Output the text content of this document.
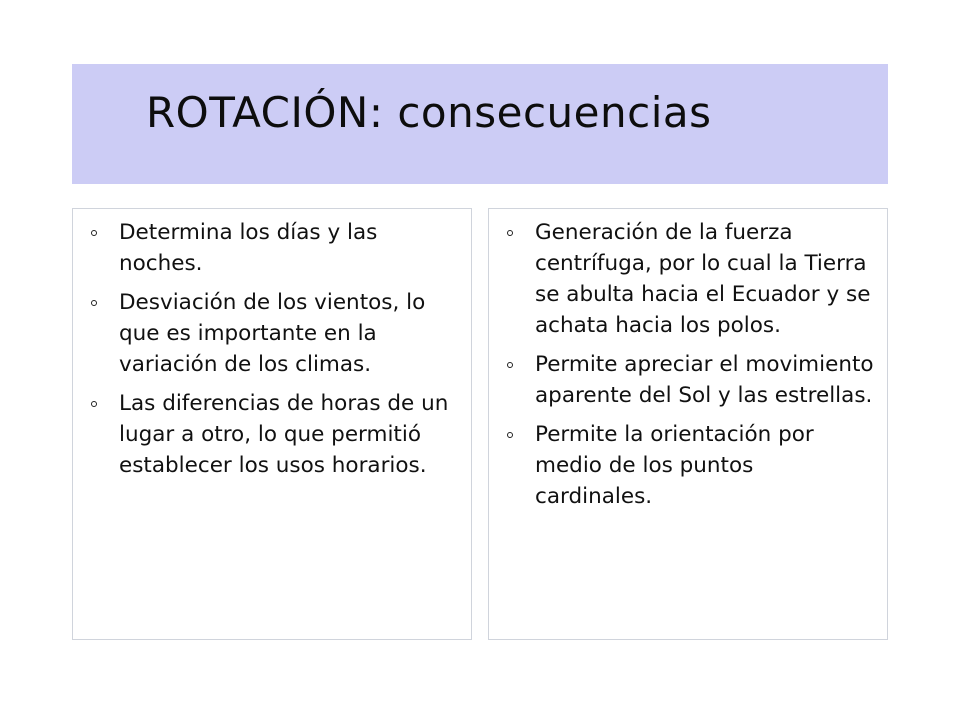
ROTACIÓN: consecuencias
Determina los días y las noches.
Desviación de los vientos, lo que es importante en la variación de los climas.
Las diferencias de horas de un lugar a otro, lo que permitió establecer los usos horarios.
Generación de la fuerza centrífuga, por lo cual la Tierra se abulta hacia el Ecuador y se achata hacia los polos.
Permite apreciar el movimiento aparente del Sol y las estrellas.
Permite la orientación por medio de los puntos cardinales.
